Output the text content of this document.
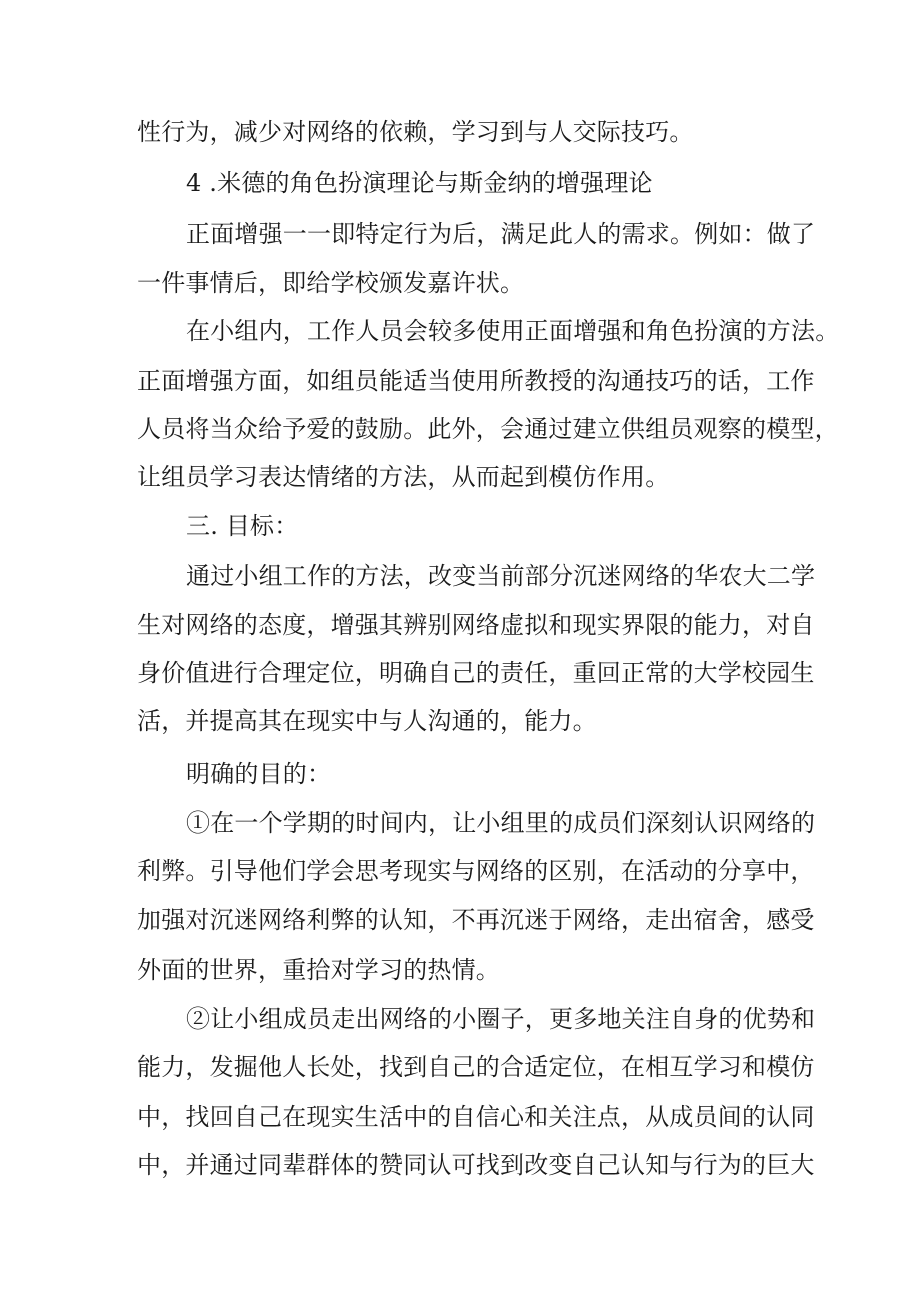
性行为，减少对网络的依赖，学习到与人交际技巧。
4 .米德的角色扮演理论与斯金纳的增强理论
正面增强一一即特定行为后，满足此人的需求。例如：做了
一件事情后，即给学校颁发嘉许状。
在小组内，工作人员会较多使用正面增强和角色扮演的方法。
正面增强方面，如组员能适当使用所教授的沟通技巧的话，工作
人员将当众给予爱的鼓励。此外，会通过建立供组员观察的模型，
让组员学习表达情绪的方法，从而起到模仿作用。
三. 目标：
通过小组工作的方法，改变当前部分沉迷网络的华农大二学
生对网络的态度，增强其辨别网络虚拟和现实界限的能力，对自
身价值进行合理定位，明确自己的责任，重回正常的大学校园生
活，并提高其在现实中与人沟通的，能力。
明确的目的：
①在一个学期的时间内，让小组里的成员们深刻认识网络的
利弊。引导他们学会思考现实与网络的区别，在活动的分享中，
加强对沉迷网络利弊的认知，不再沉迷于网络，走出宿舍，感受
外面的世界，重拾对学习的热情。
②让小组成员走出网络的小圈子，更多地关注自身的优势和
能力，发掘他人长处，找到自己的合适定位，在相互学习和模仿
中，找回自己在现实生活中的自信心和关注点，从成员间的认同
中，并通过同辈群体的赞同认可找到改变自己认知与行为的巨大
